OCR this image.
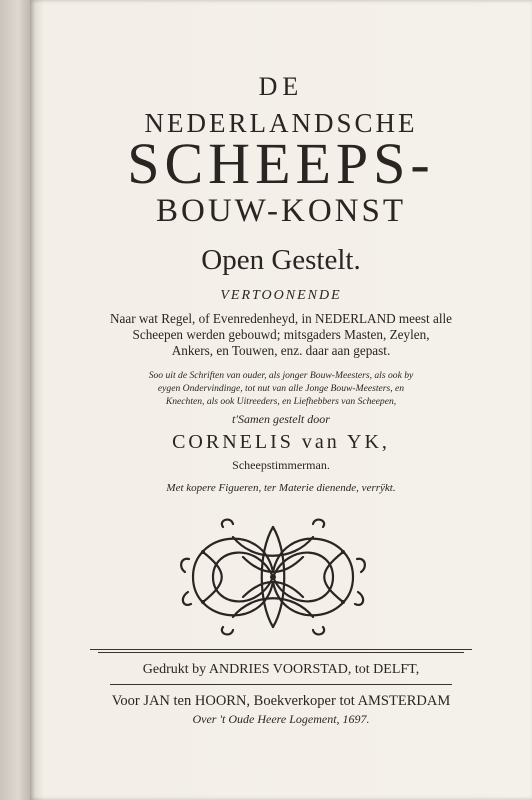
DE
NEDERLANDSCHE
SCHEEPS-
BOUW-KONST
Open Gestelt.
VERTOONENDE
Naar wat Regel, of Evenredenheyd, in NEDERLAND meest alle
Scheepen werden gebouwd; mitsgaders Masten, Zeylen,
Ankers, en Touwen, enz. daar aan gepast.
Soo uit de Schriften van ouder, als jonger Bouw-Meesters, als ook by
eygen Ondervindinge, tot nut van alle Jonge Bouw-Meesters, en
Knechten, als ook Uitreeders, en Liefhebbers van Scheepen,
t'Samen gestelt door
CORNELIS van YK,
Scheepstimmerman.
Met kopere Figueren, ter Materie dienende, verrÿkt.
Gedrukt by ANDRIES VOORSTAD, tot DELFT,
Voor JAN ten HOORN, Boekverkoper tot AMSTERDAM
Over 't Oude Heere Logement, 1697.
